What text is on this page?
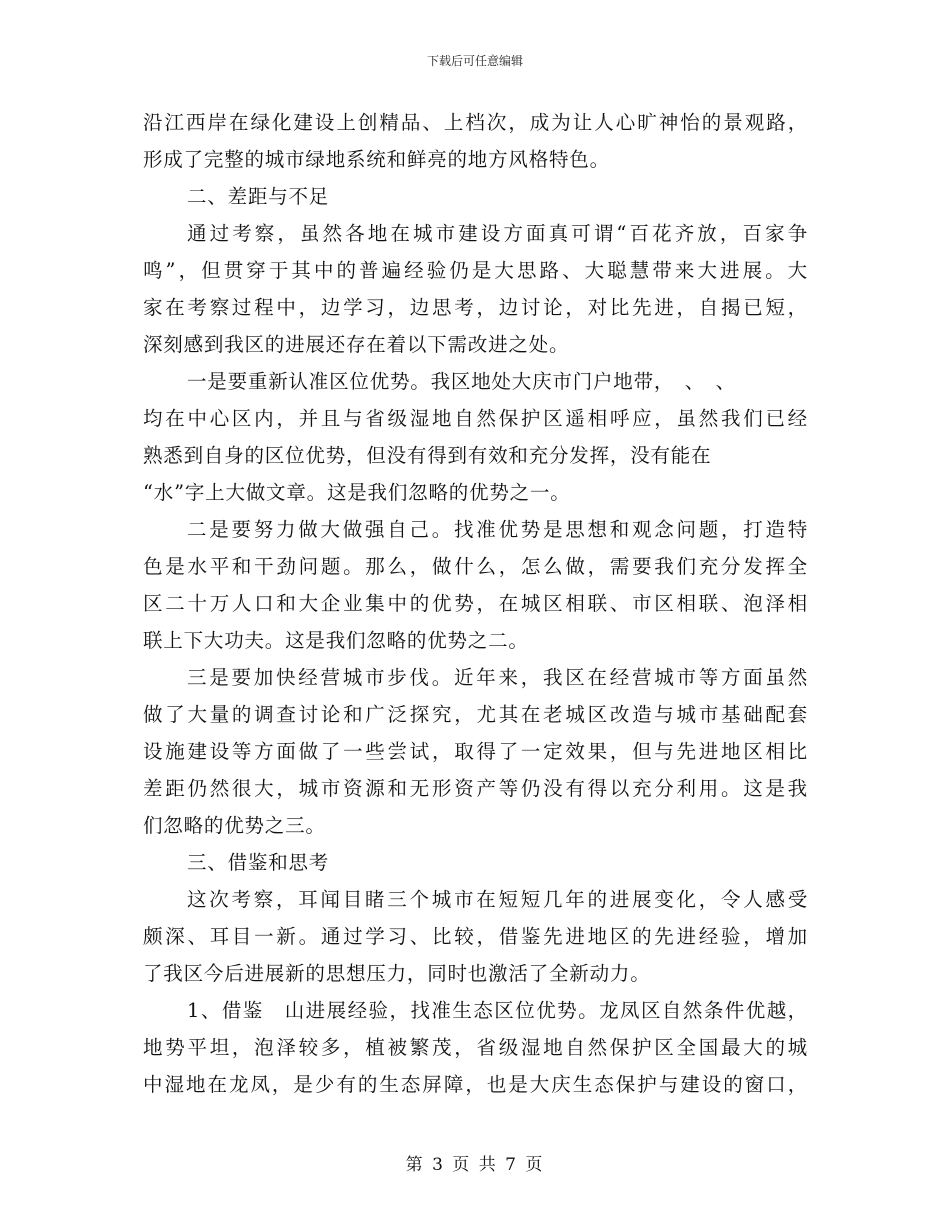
下载后可任意编辑
沿江西岸在绿化建设上创精品、上档次，成为让人心旷神怡的景观路，
形成了完整的城市绿地系统和鲜亮的地方风格特色。
二、差距与不足
通过考察，虽然各地在城市建设方面真可谓“百花齐放，百家争
鸣”，但贯穿于其中的普遍经验仍是大思路、大聪慧带来大进展。大
家在考察过程中，边学习，边思考，边讨论，对比先进，自揭已短，
深刻感到我区的进展还存在着以下需改进之处。
一是要重新认准区位优势。我区地处大庆市门户地带，　、　、
均在中心区内，并且与省级湿地自然保护区遥相呼应，虽然我们已经
熟悉到自身的区位优势，但没有得到有效和充分发挥，没有能在
“水”字上大做文章。这是我们忽略的优势之一。
二是要努力做大做强自己。找准优势是思想和观念问题，打造特
色是水平和干劲问题。那么，做什么，怎么做，需要我们充分发挥全
区二十万人口和大企业集中的优势，在城区相联、市区相联、泡泽相
联上下大功夫。这是我们忽略的优势之二。
三是要加快经营城市步伐。近年来，我区在经营城市等方面虽然
做了大量的调查讨论和广泛探究，尤其在老城区改造与城市基础配套
设施建设等方面做了一些尝试，取得了一定效果，但与先进地区相比
差距仍然很大，城市资源和无形资产等仍没有得以充分利用。这是我
们忽略的优势之三。
三、借鉴和思考
这次考察，耳闻目睹三个城市在短短几年的进展变化，令人感受
颇深、耳目一新。通过学习、比较，借鉴先进地区的先进经验，增加
了我区今后进展新的思想压力，同时也激活了全新动力。
1、借鉴　山进展经验，找准生态区位优势。龙凤区自然条件优越，
地势平坦，泡泽较多，植被繁茂，省级湿地自然保护区全国最大的城
中湿地在龙凤，是少有的生态屏障，也是大庆生态保护与建设的窗口，
第 3 页 共 7 页
